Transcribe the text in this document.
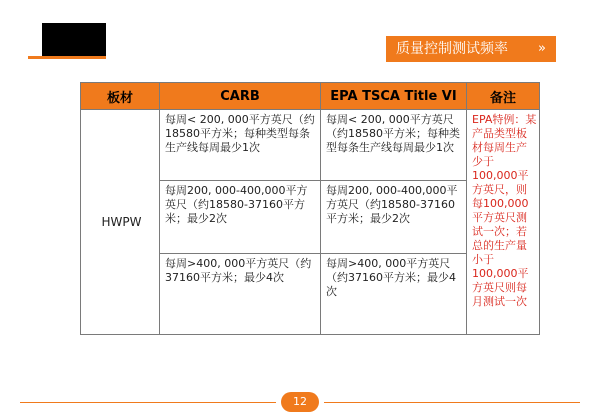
质量控制测试频率 »
板材	CARB	EPA TSCA Title VI	备注
HWPW	每周< 200, 000平方英尺（约18580平方米；每种类型每条生产线每周最少1次	每周< 200, 000平方英尺（约18580平方米；每种类型每条生产线每周最少1次	EPA特例：某产品类型板材每周生产少于100,000平方英尺，则每100,000平方英尺测试一次；若总的生产量小于100,000平方英尺则每月测试一次
	每周200, 000-400,000平方英尺（约18580-37160平方米；最少2次	每周200, 000-400,000平方英尺（约18580-37160平方米；最少2次	
	每周>400, 000平方英尺（约37160平方米；最少4次	每周>400, 000平方英尺（约37160平方米；最少4次	
12
